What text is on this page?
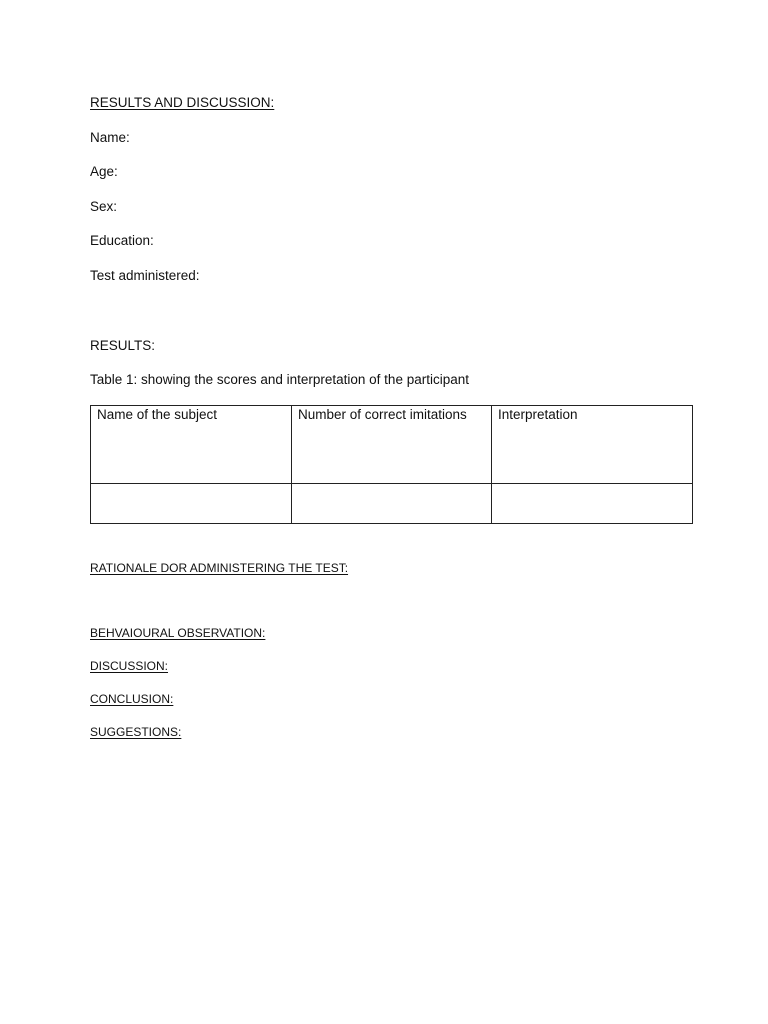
RESULTS AND DISCUSSION:
Name:
Age:
Sex:
Education:
Test administered:
RESULTS:
Table 1: showing the scores and interpretation of the participant
Name of the subject	Number of correct imitations	Interpretation

RATIONALE DOR ADMINISTERING THE TEST:
BEHVAIOURAL OBSERVATION:
DISCUSSION:
CONCLUSION:
SUGGESTIONS:
